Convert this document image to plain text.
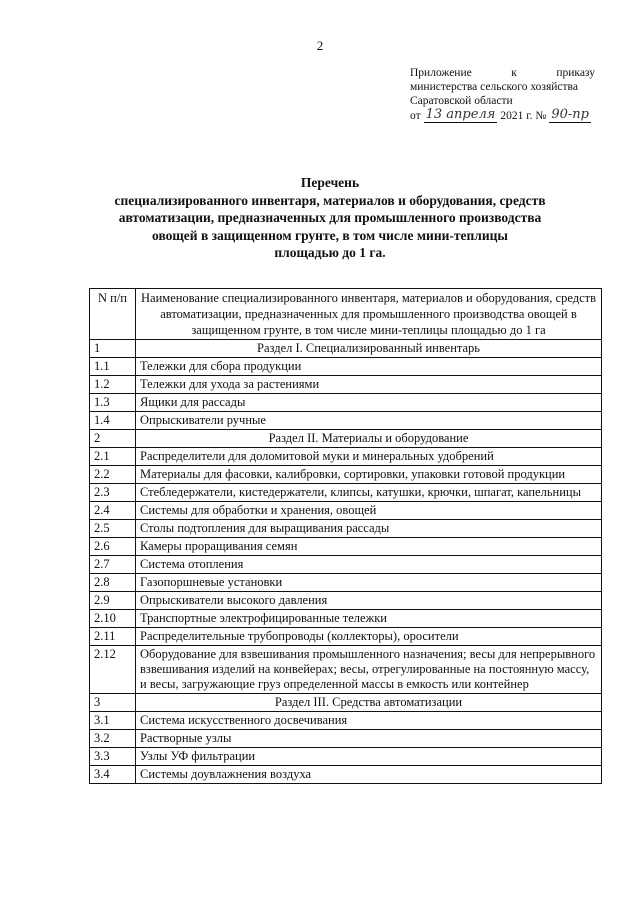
2
Приложение	к	приказу
министерства сельского хозяйства
Саратовской области
от 13 апреля 2021 г. № 90-пр
Перечень
специализированного инвентаря, материалов и оборудования, средств
автоматизации, предназначенных для промышленного производства
овощей в защищенном грунте, в том числе мини-теплицы
площадью до 1 га.
N п/п	Наименование специализированного инвентаря, материалов и оборудования, средств автоматизации, предназначенных для промышленного производства овощей в защищенном грунте, в том числе мини-теплицы площадью до 1 га
1	Раздел I. Специализированный инвентарь
1.1	Тележки для сбора продукции
1.2	Тележки для ухода за растениями
1.3	Ящики для рассады
1.4	Опрыскиватели ручные
2	Раздел II. Материалы и оборудование
2.1	Распределители для доломитовой муки и минеральных удобрений
2.2	Материалы для фасовки, калибровки, сортировки, упаковки готовой продукции
2.3	Стебледержатели, кистедержатели, клипсы, катушки, крючки, шпагат, капельницы
2.4	Системы для обработки и хранения, овощей
2.5	Столы подтопления для выращивания рассады
2.6	Камеры проращивания семян
2.7	Система отопления
2.8	Газопоршневые установки
2.9	Опрыскиватели высокого давления
2.10	Транспортные электрофицированные тележки
2.11	Распределительные трубопроводы (коллекторы), оросители
2.12	Оборудование для взвешивания промышленного назначения; весы для непрерывного взвешивания изделий на конвейерах; весы, отрегулированные на постоянную массу, и весы, загружающие груз определенной массы в емкость или контейнер
3	Раздел III. Средства автоматизации
3.1	Система искусственного досвечивания
3.2	Растворные узлы
3.3	Узлы УФ фильтрации
3.4	Системы доувлажнения воздуха
